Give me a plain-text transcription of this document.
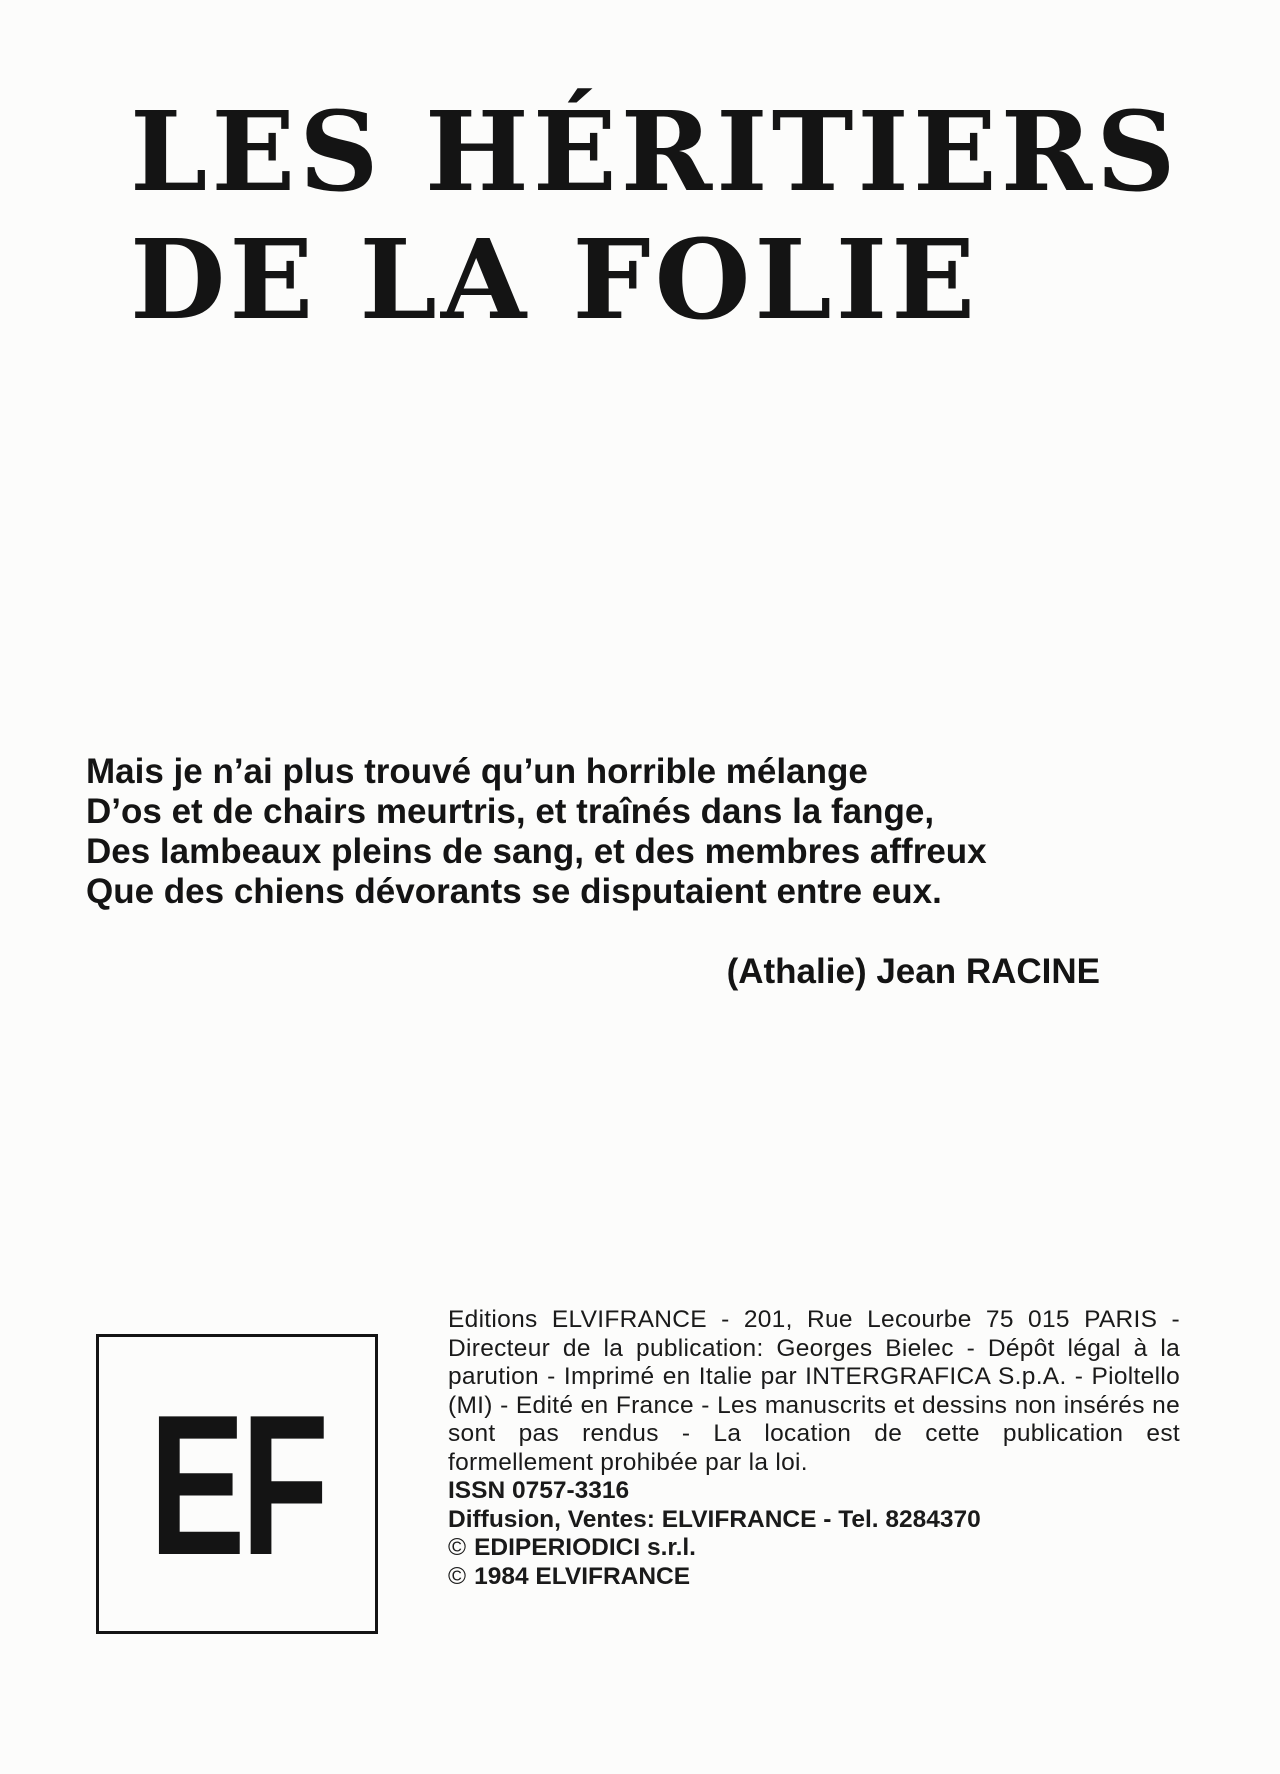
LES HÉRITIERS
DE LA FOLIE
Mais je n’ai plus trouvé qu’un horrible mélange
D’os et de chairs meurtris, et traînés dans la fange,
Des lambeaux pleins de sang, et des membres affreux
Que des chiens dévorants se disputaient entre eux.
(Athalie) Jean RACINE
EF
Editions ELVIFRANCE - 201, Rue Lecourbe 75 015 PARIS - Directeur de la publication: Georges Bielec - Dépôt légal à la parution - Imprimé en Italie par INTERGRAFICA S.p.A. - Pioltello (MI) - Edité en France - Les manuscrits et dessins non insérés ne sont pas rendus - La location de cette publication est formellement prohibée par la loi.
ISSN 0757-3316
Diffusion, Ventes: ELVIFRANCE - Tel. 8284370
© EDIPERIODICI s.r.l.
© 1984 ELVIFRANCE
